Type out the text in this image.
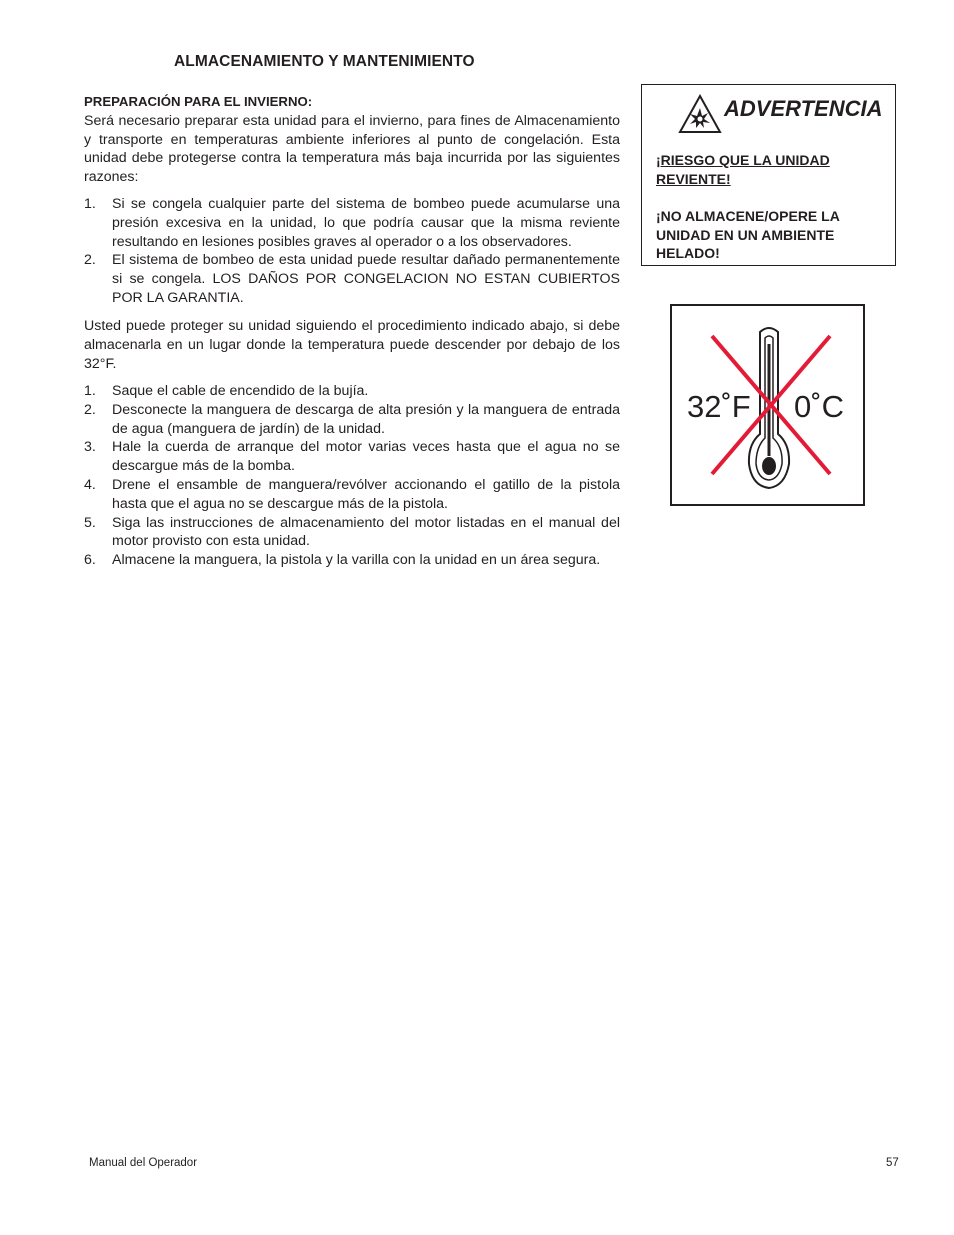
ALMACENAMIENTO Y MANTENIMIENTO
PREPARACIÓN PARA EL INVIERNO:

Será necesario preparar esta unidad para el invierno, para fines de Almacenamiento y transporte en temperaturas ambiente inferiores al punto de congelación. Esta unidad debe protegerse contra la temperatura más baja incurrida por las siguientes razones:

1. Si se congela cualquier parte del sistema de bombeo puede acumularse una presión excesiva en la unidad, lo que podría causar que la misma reviente resultando en lesiones posibles graves al operador o a los observadores.
2. El sistema de bombeo de esta unidad puede resultar dañado permanentemente si se congela. LOS DAÑOS POR CONGELACION NO ESTAN CUBIERTOS POR LA GARANTIA.

Usted puede proteger su unidad siguiendo el procedimiento indicado abajo, si debe almacenarla en un lugar donde la temperatura puede descender por debajo de los 32°F.

1. Saque el cable de encendido de la bujía.
2. Desconecte la manguera de descarga de alta presión y la manguera de entrada de agua (manguera de jardín) de la unidad.
3. Hale la cuerda de arranque del motor varias veces hasta que el agua no se descargue más de la bomba.
4. Drene el ensamble de manguera/revólver accionando el gatillo de la pistola hasta que el agua no se descargue más de la pistola.
5. Siga las instrucciones de almacenamiento del motor listadas en el manual del motor provisto con esta unidad.
6. Almacene la manguera, la pistola y la varilla con la unidad en un área segura.
ADVERTENCIA
¡RIESGO QUE LA UNIDAD REVIENTE!
¡NO ALMACENE/OPERE LA UNIDAD EN UN AMBIENTE HELADO!
32˚F 0˚C
Manual del Operador	57
